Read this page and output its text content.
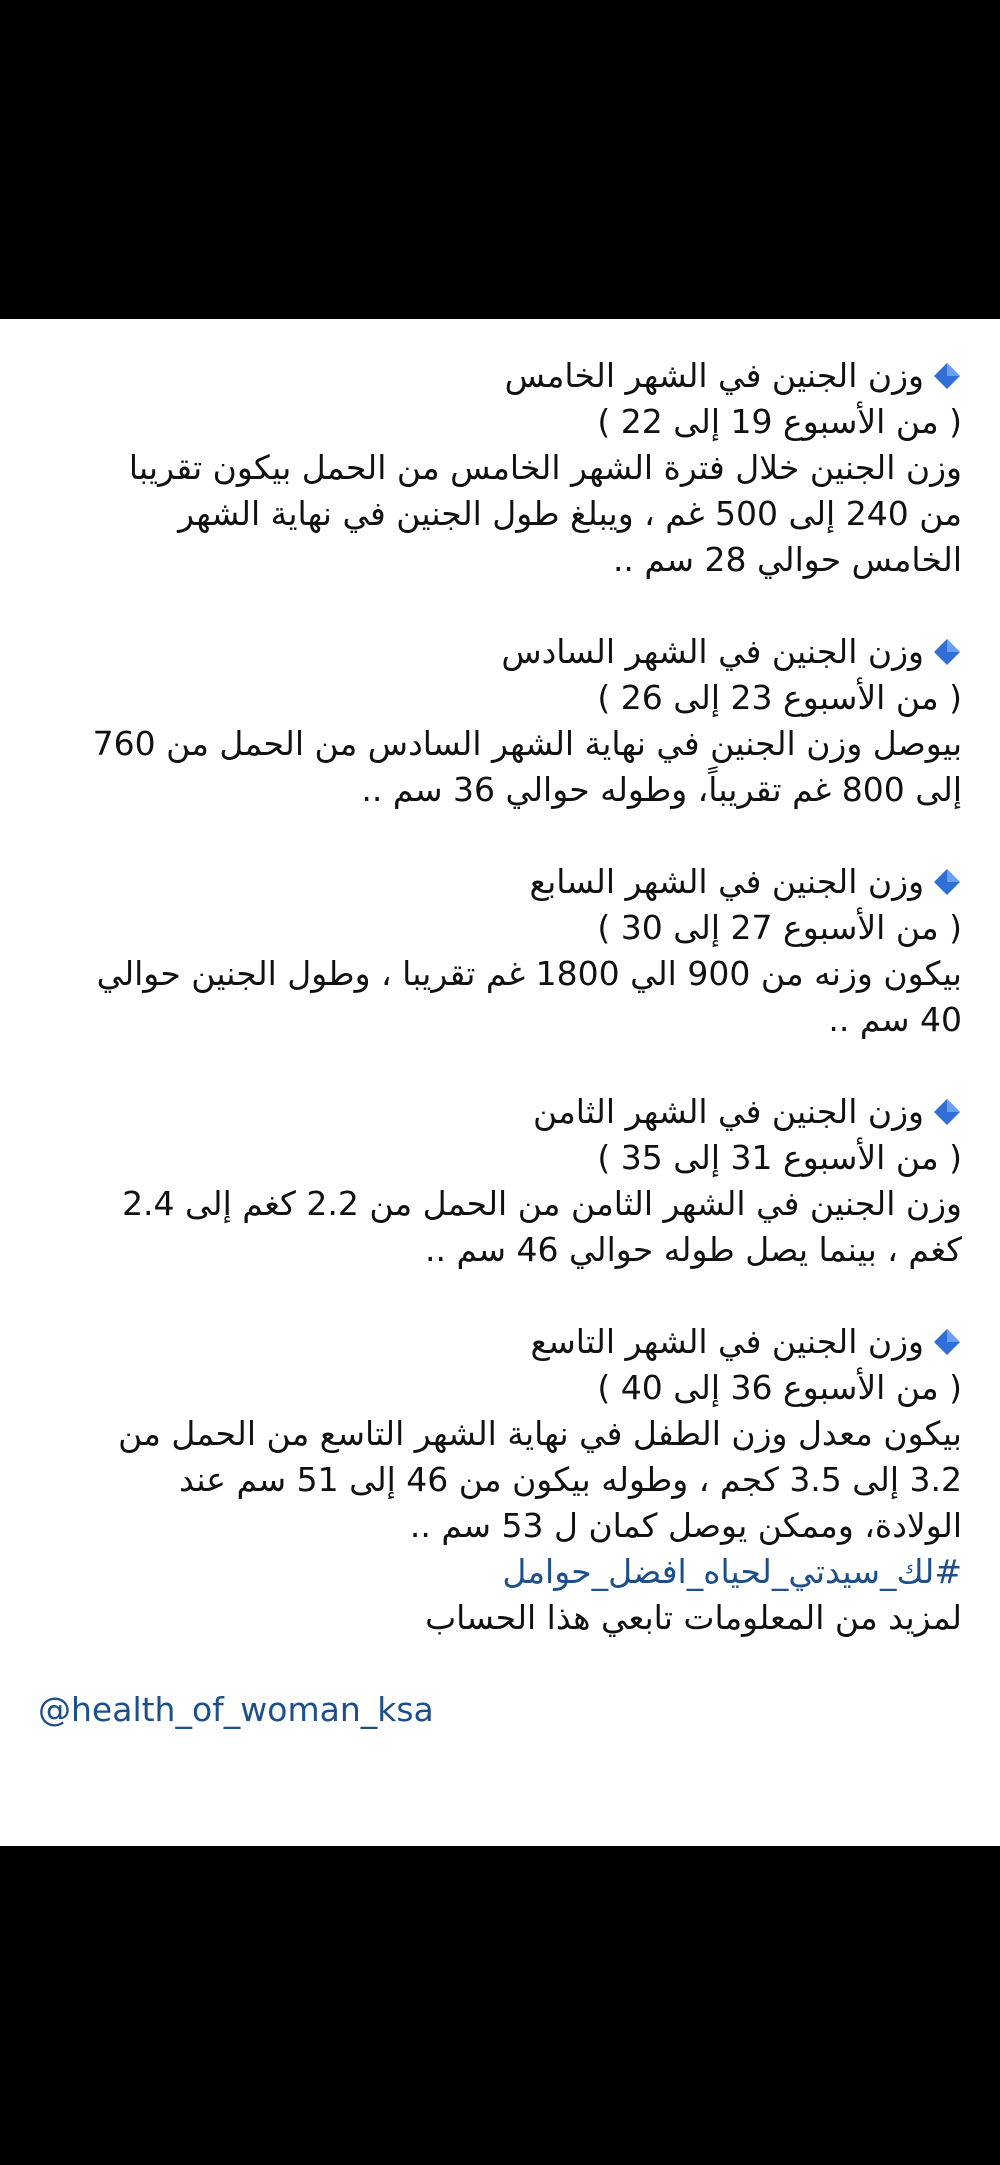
وزن الجنين في الشهر الخامس
( من الأسبوع 19 إلى 22 )
وزن الجنين خلال فترة الشهر الخامس من الحمل بيكون تقريبا
من 240 إلى 500 غم ، ويبلغ طول الجنين في نهاية الشهر
الخامس حوالي 28 سم ..
وزن الجنين في الشهر السادس
( من الأسبوع 23 إلى 26 )
بيوصل وزن الجنين في نهاية الشهر السادس من الحمل من 760
إلى 800 غم تقريباً، وطوله حوالي 36 سم ..
وزن الجنين في الشهر السابع
( من الأسبوع 27 إلى 30 )
بيكون وزنه من 900 الي 1800 غم تقريبا ، وطول الجنين حوالي
40 سم ..
وزن الجنين في الشهر الثامن
( من الأسبوع 31 إلى 35 )
وزن الجنين في الشهر الثامن من الحمل من 2.2 كغم إلى 2.4
كغم ، بينما يصل طوله حوالي 46 سم ..
وزن الجنين في الشهر التاسع
( من الأسبوع 36 إلى 40 )
بيكون معدل وزن الطفل في نهاية الشهر التاسع من الحمل من
3.2 إلى 3.5 كجم ، وطوله بيكون من 46 إلى 51 سم عند
الولادة، وممكن يوصل كمان ل 53 سم ..
#لك_سيدتي_لحياه_افضل_حوامل
لمزيد من المعلومات تابعي هذا الحساب
@health_of_woman_ksa
